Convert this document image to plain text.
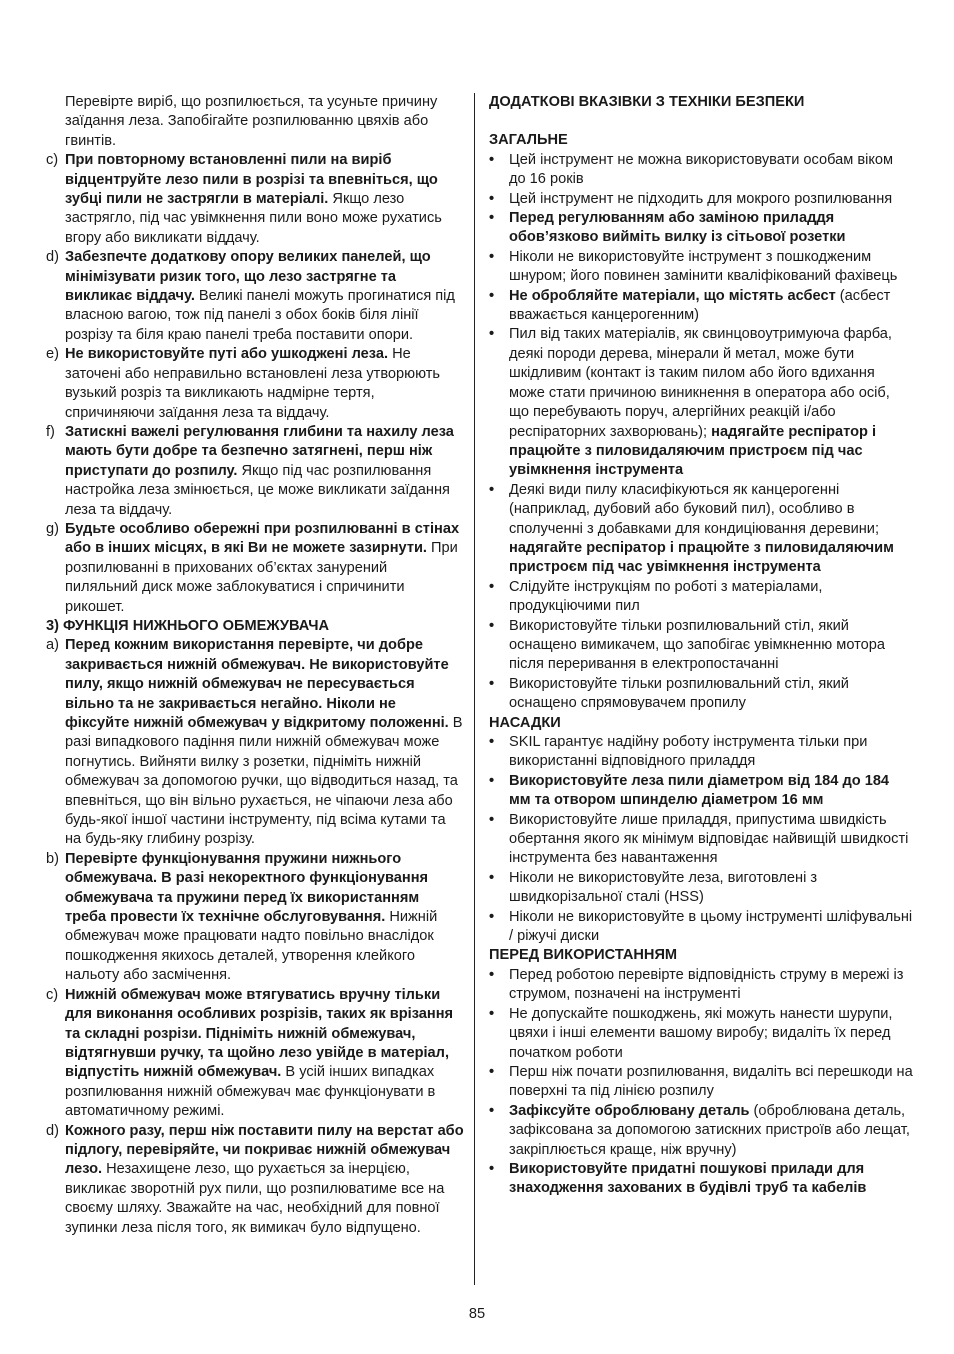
Перевірте виріб, що розпилюється, та усуньте причину заїдання леза. Запобігайте розпилюванню цвяхів або гвинтів.
c) При повторному встановленні пили на виріб відцентруйте лезо пили в розрізі та впевніться, що зубці пили не застрягли в матеріалі. Якщо лезо застрягло, під час увімкнення пили воно може рухатись вгору або викликати віддачу.
d) Забезпечте додаткову опору великих панелей, що мінімізувати ризик того, що лезо застрягне та викликає віддачу. Великі панелі можуть прогинатися під власною вагою, тож під панелі з обох боків біля лінії розрізу та біля краю панелі треба поставити опори.
e) Не використовуйте путі або ушкоджені леза. Не заточені або неправильно встановлені леза утворюють вузький розріз та викликають надмірне тертя, спричиняючи заїдання леза та віддачу.
f) Затискні важелі регулювання глибини та нахилу леза мають бути добре та безпечно затягнені, перш ніж приступати до розпилу. Якщо під час розпилювання настройка леза змінюється, це може викликати заїдання леза та віддачу.
g) Будьте особливо обережні при розпилюванні в стінах або в інших місцях, в які Ви не можете зазирнути. При розпилюванні в прихованих об’єктах занурений пиляльний диск може заблокуватися і спричинити рикошет.
3) ФУНКЦІЯ НИЖНЬОГО ОБМЕЖУВАЧА
a) Перед кожним використання перевірте, чи добре закривається нижній обмежувач. Не використовуйте пилу, якщо нижній обмежувач не пересувається вільно та не закривається негайно. Ніколи не фіксуйте нижній обмежувач у відкритому положенні. В разі випадкового падіння пили нижній обмежувач може погнутись. Вийняти вилку з розетки, підніміть нижній обмежувач за допомогою ручки, що відводиться назад, та впевніться, що він вільно рухається, не чіпаючи леза або будь-якої іншої частини інструменту, під всіма кутами та на будь-яку глибину розрізу.
b) Перевірте функціонування пружини нижнього обмежувача. В разі некоректного функціонування обмежувача та пружини перед їх використанням треба провести їх технічне обслуговування. Нижній обмежувач може працювати надто повільно внаслідок пошкодження якихось деталей, утворення клейкого нальоту або засмічення.
c) Нижній обмежувач може втягуватись вручну тільки для виконання особливих розрізів, таких як врізання та складні розрізи. Підніміть нижній обмежувач, відтягнувши ручку, та щойно лезо увійде в матеріал, відпустіть нижній обмежувач. В усій інших випадках розпилювання нижній обмежувач має функціонувати в автоматичному режимі.
d) Кожного разу, перш ніж поставити пилу на верстат або підлогу, перевіряйте, чи покриває нижній обмежувач лезо. Незахищене лезо, що рухається за інерцією, викликає зворотній рух пили, що розпилюватиме все на своєму шляху. Зважайте на час, необхідний для повної зупинки леза після того, як вимикач було відпущено.
ДОДАТКОВІ ВКАЗІВКИ З ТЕХНІКИ БЕЗПЕКИ
ЗАГАЛЬНЕ
•	Цей інструмент не можна використовувати особам віком до 16 років
•	Цей інструмент не підходить для мокрого розпилювання
•	Перед регулюванням або заміною приладдя обов’язково вийміть вилку із сітьової розетки
•	Ніколи не використовуйте інструмент з пошкодженим шнуром; його повинен замінити кваліфікований фахівець
•	Не обробляйте матеріали, що містять асбест (асбест вважається канцерогенним)
•	Пил від таких матеріалів, як свинцовоутримуюча фарба, деякі породи дерева, мінерали й метал, може бути шкідливим (контакт із таким пилом або його вдихання може стати причиною виникнення в оператора або осіб, що перебувають поруч, алергійних реакцій і/або респіраторних захворювань); надягайте респіратор і працюйте з пиловидаляючим пристроєм під час увімкнення інструмента
•	Деякі види пилу класифікуються як канцерогенні (наприклад, дубовий або буковий пил), особливо в сполученні з добавками для кондиціювання деревини; надягайте респіратор і працюйте з пиловидаляючим пристроєм під час увімкнення інструмента
•	Слідуйте інструкціям по роботі з матеріалами, продукціючими пил
•	Використовуйте тільки розпилювальний стіл, який оснащено вимикачем, що запобігає увімкненню мотора після переривання в електропостачанні
•	Використовуйте тільки розпилювальний стіл, який оснащено спрямовувачем пропилу
НАСАДКИ
•	SKIL гарантує надійну роботу інструмента тільки при використанні відповідного приладдя
•	Використовуйте леза пили діаметром від 184 до 184 мм та отвором шпинделю діаметром 16 мм
•	Використовуйте лише приладдя, припустима швидкість обертання якого як мінімум відповідає найвищій швидкості інструмента без навантаження
•	Ніколи не використовуйте леза, виготовлені з швидкорізальної сталі (HSS)
•	Ніколи не використовуйте в цьому інструменті шліфувальні / ріжучі диски
ПЕРЕД ВИКОРИСТАННЯМ
•	Перед роботою перевірте відповідність струму в мережі із струмом, позначені на інструменті
•	Не допускайте пошкоджень, які можуть нанести шурупи, цвяхи і інші елементи вашому виробу; видаліть їх перед початком роботи
•	Перш ніж почати розпилювання, видаліть всі перешкоди на поверхні та під лінією розпилу
•	Зафіксуйте оброблювану деталь (оброблювана деталь, зафіксована за допомогою затискних пристроїв або лещат, закріплюється краще, ніж вручну)
•	Використовуйте придатні пошукові прилади для знаходження захованих в будівлі труб та кабелів
85
